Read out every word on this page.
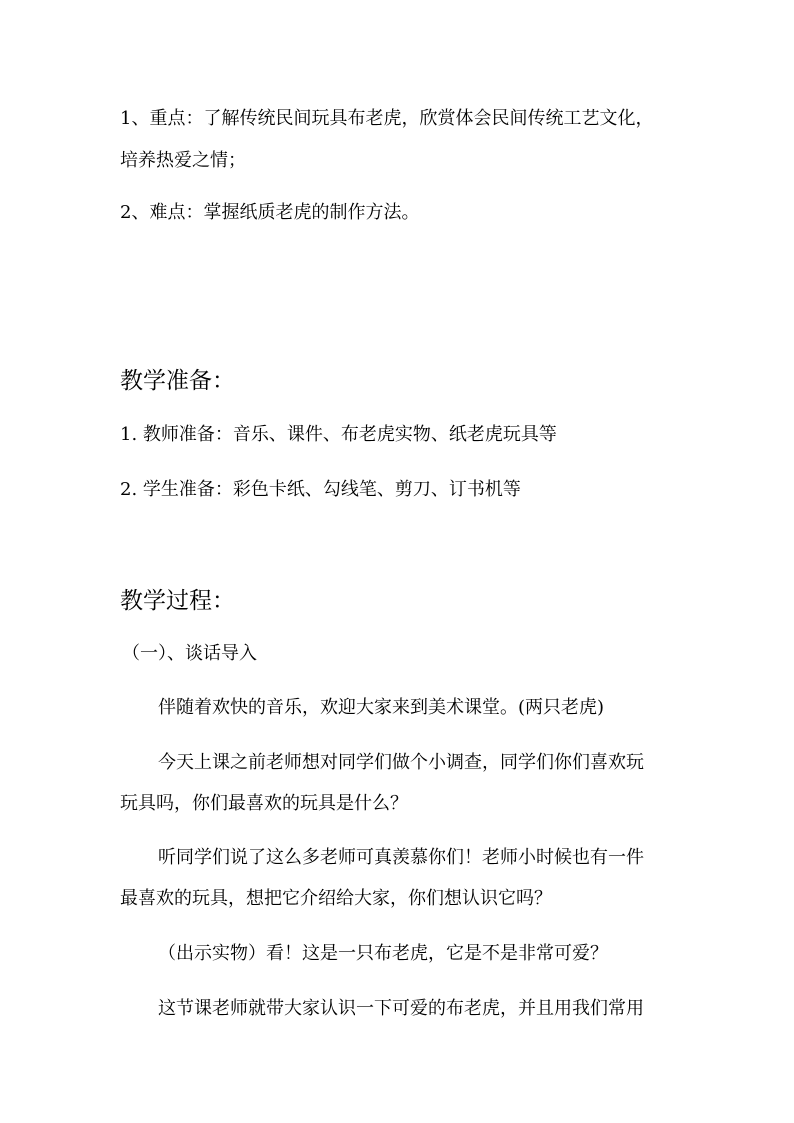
1、重点：了解传统民间玩具布老虎，欣赏体会民间传统工艺文化，

培养热爱之情；

2、难点：掌握纸质老虎的制作方法。

教学准备：

1. 教师准备：音乐、课件、布老虎实物、纸老虎玩具等

2. 学生准备：彩色卡纸、勾线笔、剪刀、订书机等

教学过程：

（一）、谈话导入

伴随着欢快的音乐，欢迎大家来到美术课堂。(两只老虎)

今天上课之前老师想对同学们做个小调查，同学们你们喜欢玩

玩具吗，你们最喜欢的玩具是什么？

听同学们说了这么多老师可真羡慕你们！老师小时候也有一件

最喜欢的玩具，想把它介绍给大家，你们想认识它吗？

（出示实物）看！这是一只布老虎，它是不是非常可爱？

这节课老师就带大家认识一下可爱的布老虎，并且用我们常用
